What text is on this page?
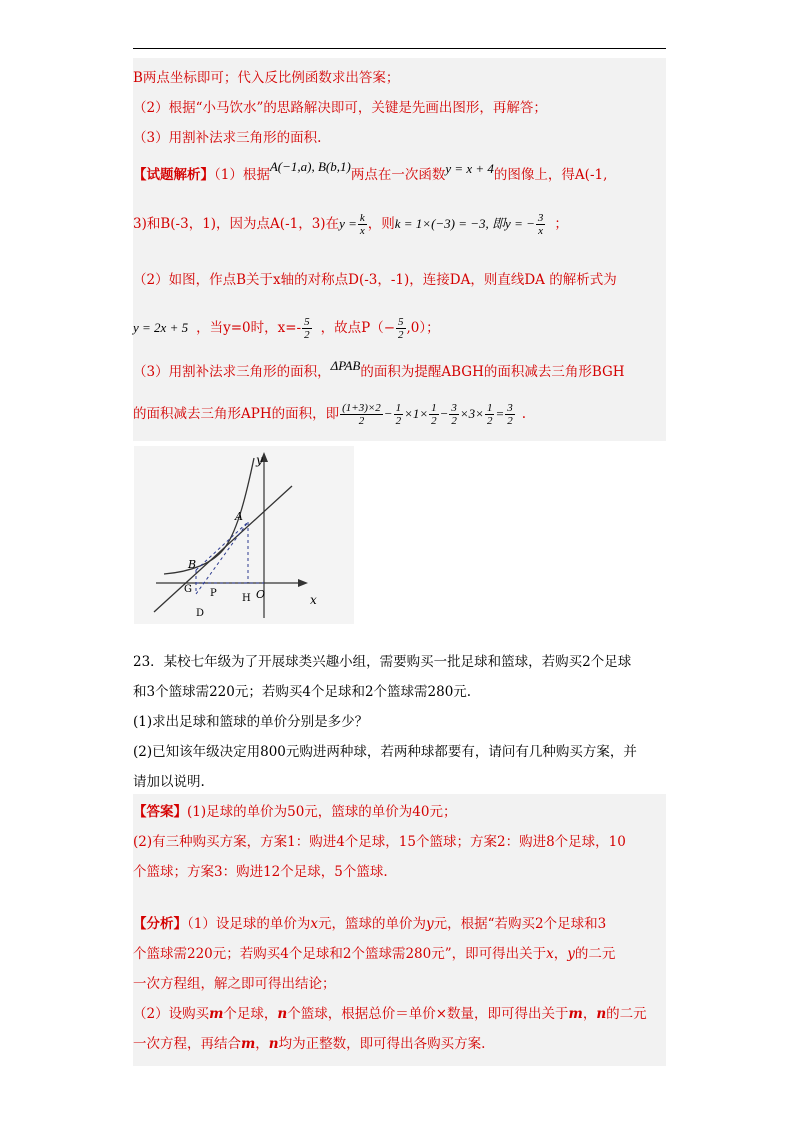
B两点坐标即可；代入反比例函数求出答案；
（2）根据“小马饮水”的思路解决即可，关键是先画出图形，再解答；
（3）用割补法求三角形的面积.
【试题解析】（1）根据A(−1,a), B(b,1)两点在一次函数y = x + 4的图像上，得A(-1,
3)和B(-3，1)，因为点A(-1，3)在$y = \frac{k}{x}$ ，则k = 1×(−3) = −3, 即y = − $\frac{3}{x}$ ；
（2）如图，作点B关于x轴的对称点D(-3，-1)，连接DA，则直线DA 的解析式为
y = 2x + 5 ，当y=0时，$x=- \frac{5}{2}$ ，故点$P(- \frac{5}{2} ,0)$；
（3）用割补法求三角形的面积，ΔPAB的面积为提醒ABGH的面积减去三角形BGH
的面积减去三角形APH的面积，即 $\frac{(1+3)\times 2}{2} - \frac{1}{2} \times 1\times \frac{1}{2} - \frac{3}{2} \times 3\times \frac{1}{2} = \frac{3}{2}$ .
y
x
A
B
G P	H O
D
23．某校七年级为了开展球类兴趣小组，需要购买一批足球和篮球，若购买2个足球
和3个篮球需220元；若购买4个足球和2个篮球需280元.
(1)求出足球和篮球的单价分别是多少？
(2)已知该年级决定用800元购进两种球，若两种球都要有，请问有几种购买方案，并
请加以说明.
【答案】(1)足球的单价为50元，篮球的单价为40元；
(2)有三种购买方案，方案1：购进4个足球，15个篮球；方案2：购进8个足球，10
个篮球；方案3：购进12个足球，5个篮球.
【分析】（1）设足球的单价为x元，篮球的单价为y元，根据“若购买2个足球和3
个篮球需220元；若购买4个足球和2个篮球需280元”，即可得出关于x，y的二元
一次方程组，解之即可得出结论；
（2）设购买m个足球，n个篮球，根据总价＝单价×数量，即可得出关于m，n的二元
一次方程，再结合m，n均为正整数，即可得出各购买方案.
